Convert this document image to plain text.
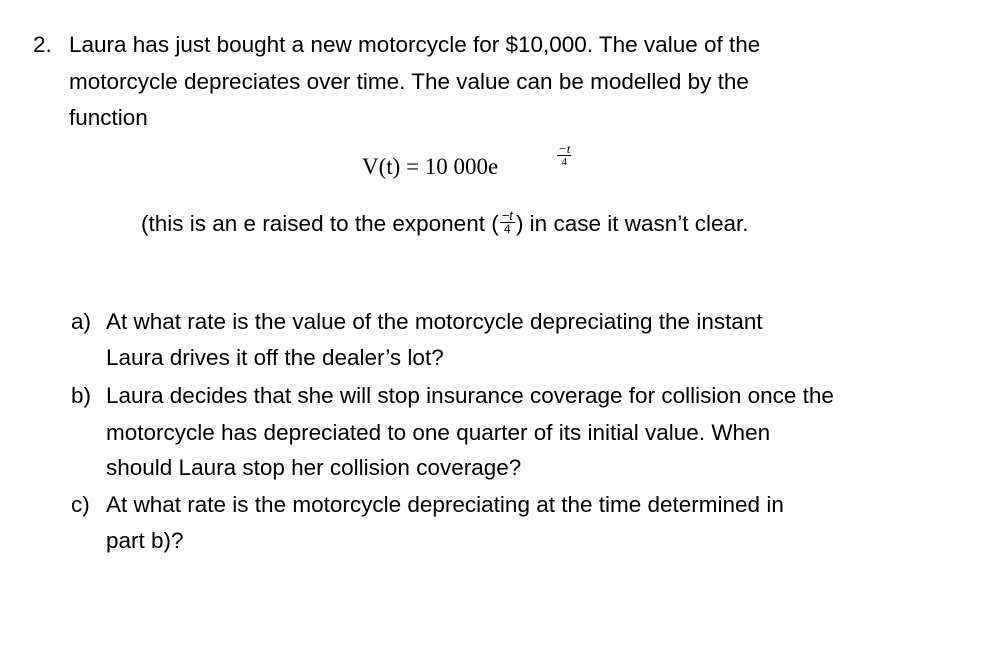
2. Laura has just bought a new motorcycle for $10,000. The value of the
motorcycle depreciates over time. The value can be modelled by the
function
V(t) = 10 000e
−t
4
(this is an e raised to the exponent ( $\frac{-t}{4}$ ) in case it wasn’t clear.
a) At what rate is the value of the motorcycle depreciating the instant
Laura drives it off the dealer’s lot?
b) Laura decides that she will stop insurance coverage for collision once the
motorcycle has depreciated to one quarter of its initial value. When
should Laura stop her collision coverage?
c) At what rate is the motorcycle depreciating at the time determined in
part b)?
